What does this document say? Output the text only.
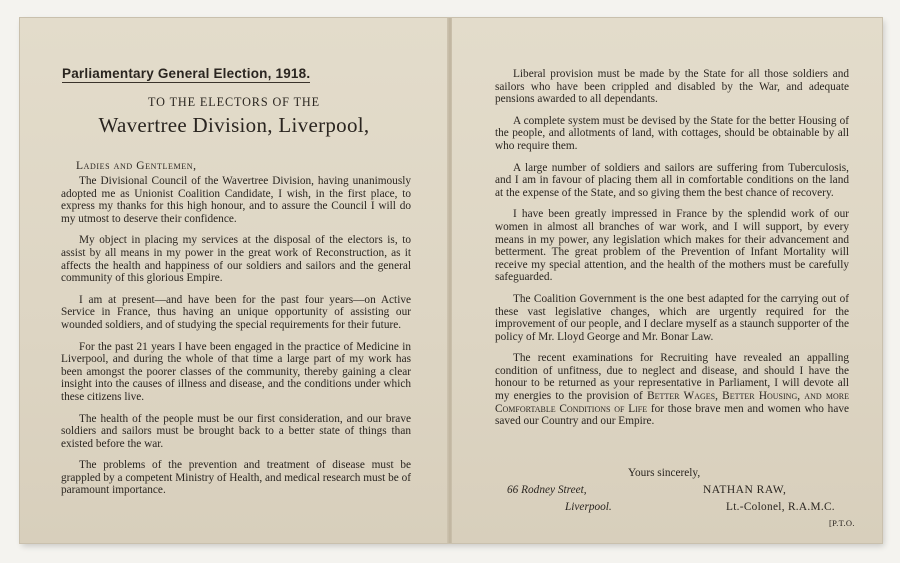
Parliamentary General Election, 1918.
TO THE ELECTORS OF THE
Wavertree Division, Liverpool,
Ladies and Gentlemen,

The Divisional Council of the Wavertree Division, having unanimously adopted me as Unionist Coalition Candidate, I wish, in the first place, to express my thanks for this high honour, and to assure the Council I will do my utmost to deserve their confidence.

My object in placing my services at the disposal of the electors is, to assist by all means in my power in the great work of Reconstruction, as it affects the health and happiness of our soldiers and sailors and the general community of this glorious Empire.

I am at present—and have been for the past four years—on Active Service in France, thus having an unique opportunity of assisting our wounded soldiers, and of studying the special requirements for their future.

For the past 21 years I have been engaged in the practice of Medicine in Liverpool, and during the whole of that time a large part of my work has been amongst the poorer classes of the community, thereby gaining a clear insight into the causes of illness and disease, and the conditions under which these citizens live.

The health of the people must be our first consideration, and our brave soldiers and sailors must be brought back to a better state of things than existed before the war.

The problems of the prevention and treatment of disease must be grappled by a competent Ministry of Health, and medical research must be of paramount importance.

Liberal provision must be made by the State for all those soldiers and sailors who have been crippled and disabled by the War, and adequate pensions awarded to all dependants.

A complete system must be devised by the State for the better Housing of the people, and allotments of land, with cottages, should be obtainable by all who require them.

A large number of soldiers and sailors are suffering from Tuberculosis, and I am in favour of placing them all in comfortable conditions on the land at the expense of the State, and so giving them the best chance of recovery.

I have been greatly impressed in France by the splendid work of our women in almost all branches of war work, and I will support, by every means in my power, any legislation which makes for their advancement and betterment. The great problem of the Prevention of Infant Mortality will receive my special attention, and the health of the mothers must be carefully safeguarded.

The Coalition Government is the one best adapted for the carrying out of these vast legislative changes, which are urgently required for the improvement of our people, and I declare myself as a staunch supporter of the policy of Mr. Lloyd George and Mr. Bonar Law.

The recent examinations for Recruiting have revealed an appalling condition of unfitness, due to neglect and disease, and should I have the honour to be returned as your representative in Parliament, I will devote all my energies to the provision of Better Wages, Better Housing, and more Comfortable Conditions of Life for those brave men and women who have saved our Country and our Empire.

Yours sincerely,
66 Rodney Street,
Liverpool.
NATHAN RAW,
Lt.-Colonel, R.A.M.C.
[P.T.O.
